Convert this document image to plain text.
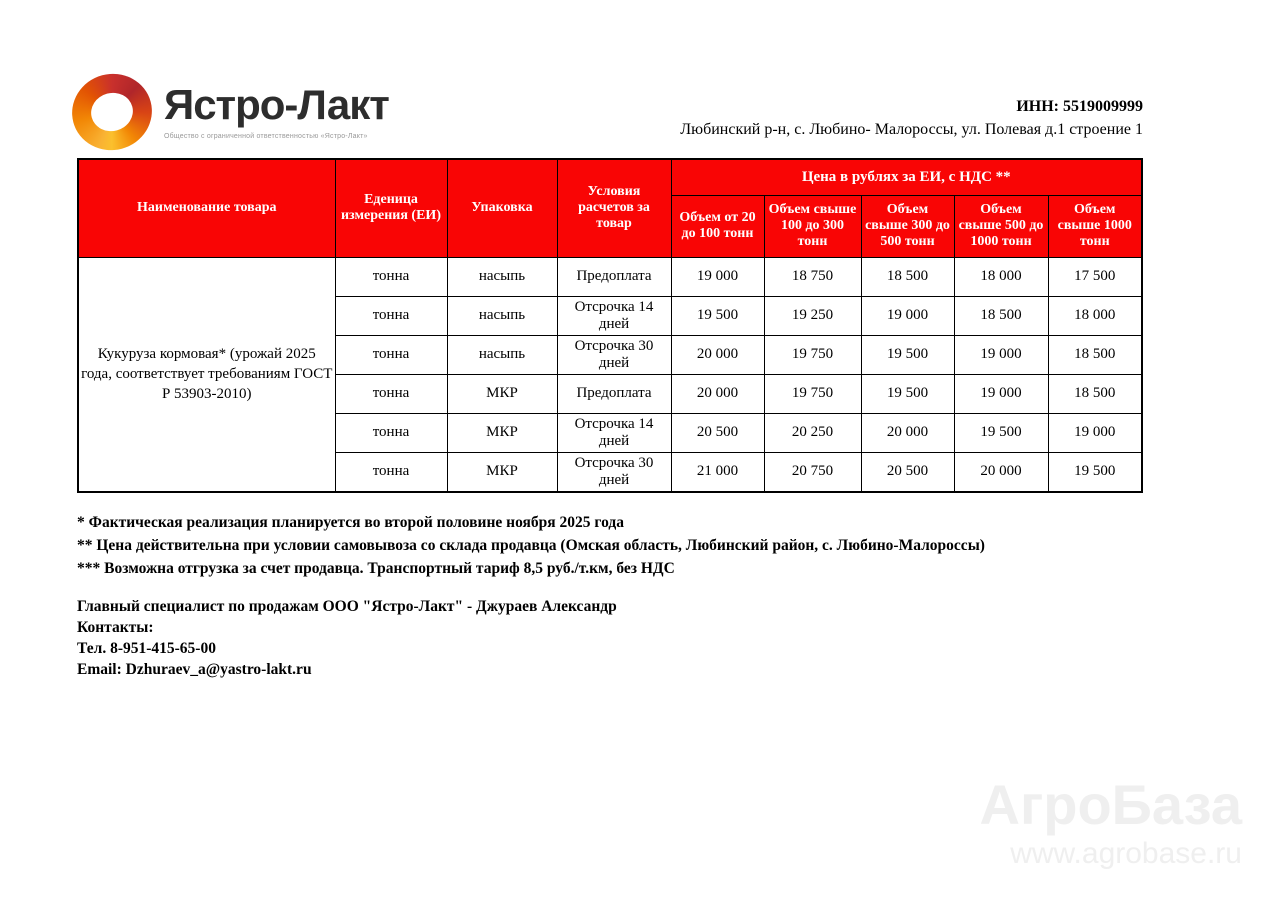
Ястро-Лакт
Общество с ограниченной ответственностью «Ястро-Лакт»
ИНН: 5519009999
Любинский р-н, с. Любино- Малороссы, ул. Полевая д.1 строение 1
Наименование товара	Еденица измерения (ЕИ)	Упаковка	Условия расчетов за товар	Цена в рублях за ЕИ, с НДС **				
				Объем от 20 до 100 тонн	Объем свыше 100 до 300 тонн	Объем свыше 300 до 500 тонн	Объем свыше 500 до 1000 тонн	Объем свыше 1000 тонн
Кукуруза кормовая* (урожай 2025 года, соответствует требованиям ГОСТ Р 53903-2010)	тонна	насыпь	Предоплата	19 000	18 750	18 500	18 000	17 500
	тонна	насыпь	Отсрочка 14 дней	19 500	19 250	19 000	18 500	18 000
	тонна	насыпь	Отсрочка 30 дней	20 000	19 750	19 500	19 000	18 500
	тонна	МКР	Предоплата	20 000	19 750	19 500	19 000	18 500
	тонна	МКР	Отсрочка 14 дней	20 500	20 250	20 000	19 500	19 000
	тонна	МКР	Отсрочка 30 дней	21 000	20 750	20 500	20 000	19 500
* Фактическая реализация планируется во второй половине ноября 2025 года
** Цена действительна при условии самовывоза со склада продавца (Омская область, Любинский район, с. Любино-Малороссы)
*** Возможна отгрузка за счет продавца. Транспортный тариф 8,5 руб./т.км, без НДС
Главный специалист по продажам ООО "Ястро-Лакт" - Джураев Александр
Контакты:
Тел. 8-951-415-65-00
Email: Dzhuraev_a@yastro-lakt.ru
АгроБаза
www.agrobase.ru
